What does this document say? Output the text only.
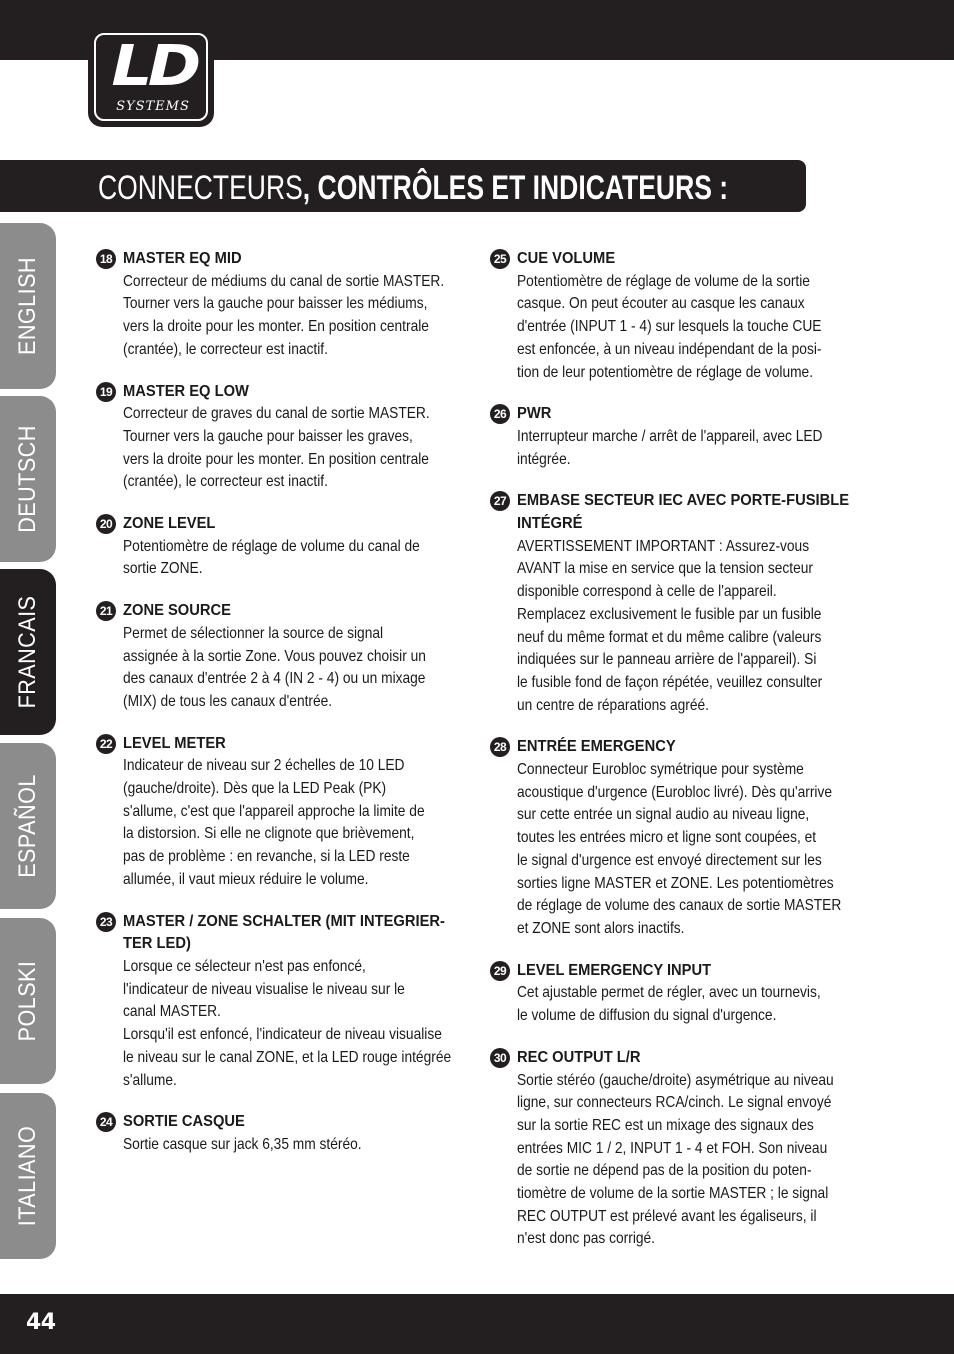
LD
SYSTEMS
CONNECTEURS, CONTRÔLES ET INDICATEURS :
ENGLISH
DEUTSCH
FRANCAIS
ESPAÑOL
POLSKI
ITALIANO
18 MASTER EQ MID
Correcteur de médiums du canal de sortie MASTER.
Tourner vers la gauche pour baisser les médiums,
vers la droite pour les monter. En position centrale
(crantée), le correcteur est inactif.
19 MASTER EQ LOW
Correcteur de graves du canal de sortie MASTER.
Tourner vers la gauche pour baisser les graves,
vers la droite pour les monter. En position centrale
(crantée), le correcteur est inactif.
20 ZONE LEVEL
Potentiomètre de réglage de volume du canal de
sortie ZONE.
21 ZONE SOURCE
Permet de sélectionner la source de signal
assignée à la sortie Zone. Vous pouvez choisir un
des canaux d'entrée 2 à 4 (IN 2 - 4) ou un mixage
(MIX) de tous les canaux d'entrée.
22 LEVEL METER
Indicateur de niveau sur 2 échelles de 10 LED
(gauche/droite). Dès que la LED Peak (PK)
s'allume, c'est que l'appareil approche la limite de
la distorsion. Si elle ne clignote que brièvement,
pas de problème : en revanche, si la LED reste
allumée, il vaut mieux réduire le volume.
23 MASTER / ZONE SCHALTER (MIT INTEGRIER-
TER LED)
Lorsque ce sélecteur n'est pas enfoncé,
l'indicateur de niveau visualise le niveau sur le
canal MASTER.
Lorsqu'il est enfoncé, l'indicateur de niveau visualise
le niveau sur le canal ZONE, et la LED rouge intégrée
s'allume.
24 SORTIE CASQUE
Sortie casque sur jack 6,35 mm stéréo.
25 CUE VOLUME
Potentiomètre de réglage de volume de la sortie
casque. On peut écouter au casque les canaux
d'entrée (INPUT 1 - 4) sur lesquels la touche CUE
est enfoncée, à un niveau indépendant de la posi-
tion de leur potentiomètre de réglage de volume.
26 PWR
Interrupteur marche / arrêt de l'appareil, avec LED
intégrée.
27 EMBASE SECTEUR IEC AVEC PORTE-FUSIBLE
INTÉGRÉ
AVERTISSEMENT IMPORTANT : Assurez-vous
AVANT la mise en service que la tension secteur
disponible correspond à celle de l'appareil.
Remplacez exclusivement le fusible par un fusible
neuf du même format et du même calibre (valeurs
indiquées sur le panneau arrière de l'appareil). Si
le fusible fond de façon répétée, veuillez consulter
un centre de réparations agréé.
28 ENTRÉE EMERGENCY
Connecteur Eurobloc symétrique pour système
acoustique d'urgence (Eurobloc livré). Dès qu'arrive
sur cette entrée un signal audio au niveau ligne,
toutes les entrées micro et ligne sont coupées, et
le signal d'urgence est envoyé directement sur les
sorties ligne MASTER et ZONE. Les potentiomètres
de réglage de volume des canaux de sortie MASTER
et ZONE sont alors inactifs.
29 LEVEL EMERGENCY INPUT
Cet ajustable permet de régler, avec un tournevis,
le volume de diffusion du signal d'urgence.
30 REC OUTPUT L/R
Sortie stéréo (gauche/droite) asymétrique au niveau
ligne, sur connecteurs RCA/cinch. Le signal envoyé
sur la sortie REC est un mixage des signaux des
entrées MIC 1 / 2, INPUT 1 - 4 et FOH. Son niveau
de sortie ne dépend pas de la position du poten-
tiomètre de volume de la sortie MASTER ; le signal
REC OUTPUT est prélevé avant les égaliseurs, il
n'est donc pas corrigé.
44
